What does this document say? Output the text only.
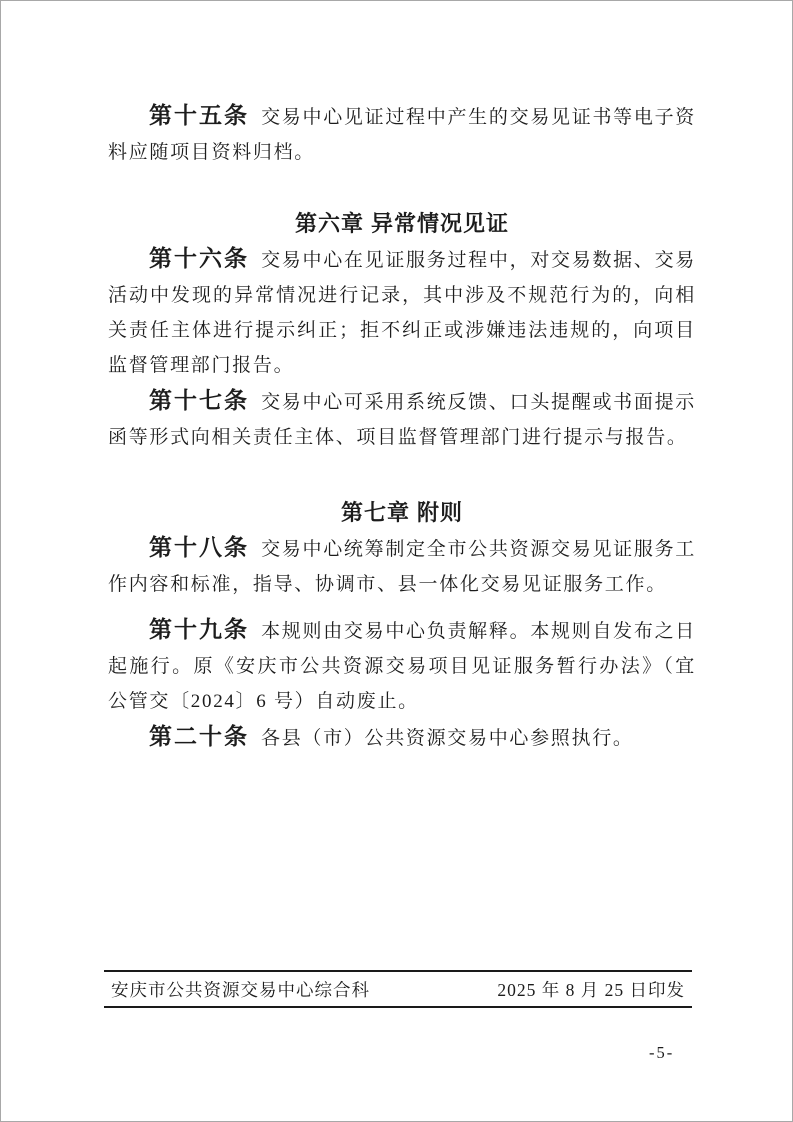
第十五条 交易中心见证过程中产生的交易见证书等电子资料应随项目资料归档。

第六章 异常情况见证

第十六条 交易中心在见证服务过程中，对交易数据、交易活动中发现的异常情况进行记录，其中涉及不规范行为的，向相关责任主体进行提示纠正；拒不纠正或涉嫌违法违规的，向项目监督管理部门报告。

第十七条 交易中心可采用系统反馈、口头提醒或书面提示函等形式向相关责任主体、项目监督管理部门进行提示与报告。

第七章 附则

第十八条 交易中心统筹制定全市公共资源交易见证服务工作内容和标准，指导、协调市、县一体化交易见证服务工作。

第十九条 本规则由交易中心负责解释。本规则自发布之日起施行。原《安庆市公共资源交易项目见证服务暂行办法》（宜公管交〔2024〕6 号）自动废止。

第二十条 各县（市）公共资源交易中心参照执行。

安庆市公共资源交易中心综合科	2025 年 8 月 25 日印发
-5-
